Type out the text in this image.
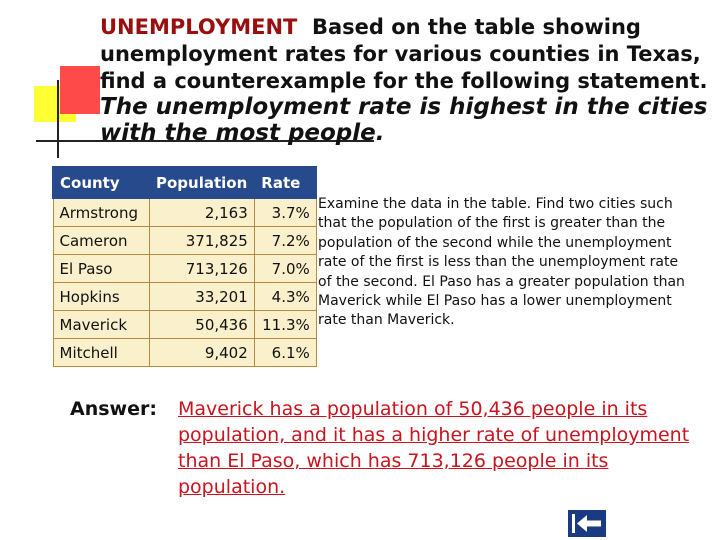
UNEMPLOYMENT Based on the table showing unemployment rates for various counties in Texas, find a counterexample for the following statement.

The unemployment rate is highest in the cities with the most people.

County	Population	Rate
Armstrong	2,163	3.7%
Cameron	371,825	7.2%
El Paso	713,126	7.0%
Hopkins	33,201	4.3%
Maverick	50,436	11.3%
Mitchell	9,402	6.1%

Examine the data in the table. Find two cities such that the population of the first is greater than the population of the second while the unemployment rate of the first is less than the unemployment rate of the second. El Paso has a greater population than Maverick while El Paso has a lower unemployment rate than Maverick.

Answer: Maverick has a population of 50,436 people in its population, and it has a higher rate of unemployment than El Paso, which has 713,126 people in its population.
